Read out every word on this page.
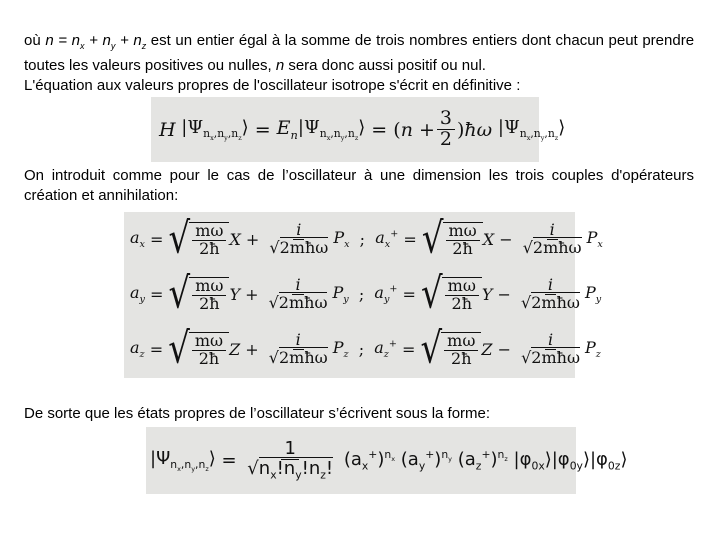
où $n = n_x + n_y + n_z$ est un entier égal à la somme de trois nombres entiers dont chacun peut prendre toutes les valeurs positives ou nulles, n sera donc aussi positif ou nul.
L'équation aux valeurs propres de l'oscillateur isotrope s'écrit en définitive :
H $|\Psi_{n_x,n_y,n_z}⟩ = E_n$ $|\Psi_{n_x,n_y,n_z}⟩ = (n + \frac{3}{2}$ )ħω $|\Psi_{n_x,n_y,n_z}⟩$
On introduit comme pour le cas de l’oscillateur à une dimension les trois couples d'opérateurs création et annihilation:
$a_x$ = √ $\frac{m\omega}{2ħ}$ $X + \frac{i}{\text{√2mħω}} P_x$ ; $a_x^+$ = √ $\frac{m\omega}{2ħ}$ $X - \frac{i}{\text{√2mħω}} P_x$
$a_y$ = √ $\frac{m\omega}{2ħ}$ $Y + \frac{i}{\text{√2mħω}} P_y$ ; $a_y^+$ = √ $\frac{m\omega}{2ħ}$ $Y - \frac{i}{\text{√2mħω}} P_y$
$a_z$ = √ $\frac{m\omega}{2ħ}$ $Z + \frac{i}{\text{√2mħω}} P_z$ ; $a_z^+$ = √ $\frac{m\omega}{2ħ}$ $Z - \frac{i}{\text{√2mħω}} P_z$
De sorte que les états propres de l’oscillateur s’écrivent sous la forme:
$|\Psi_{n_x,n_y,n_z}⟩ = \frac{1}{√n_x!n_y!n_z!} (a_x^+)^{n_x}$ $(a_y^+)^{n_y}$ $(a_z^+)^{n_z}$ $|\varphi_{0x}⟩|\varphi_{0y}⟩|\varphi_{0z}⟩$
